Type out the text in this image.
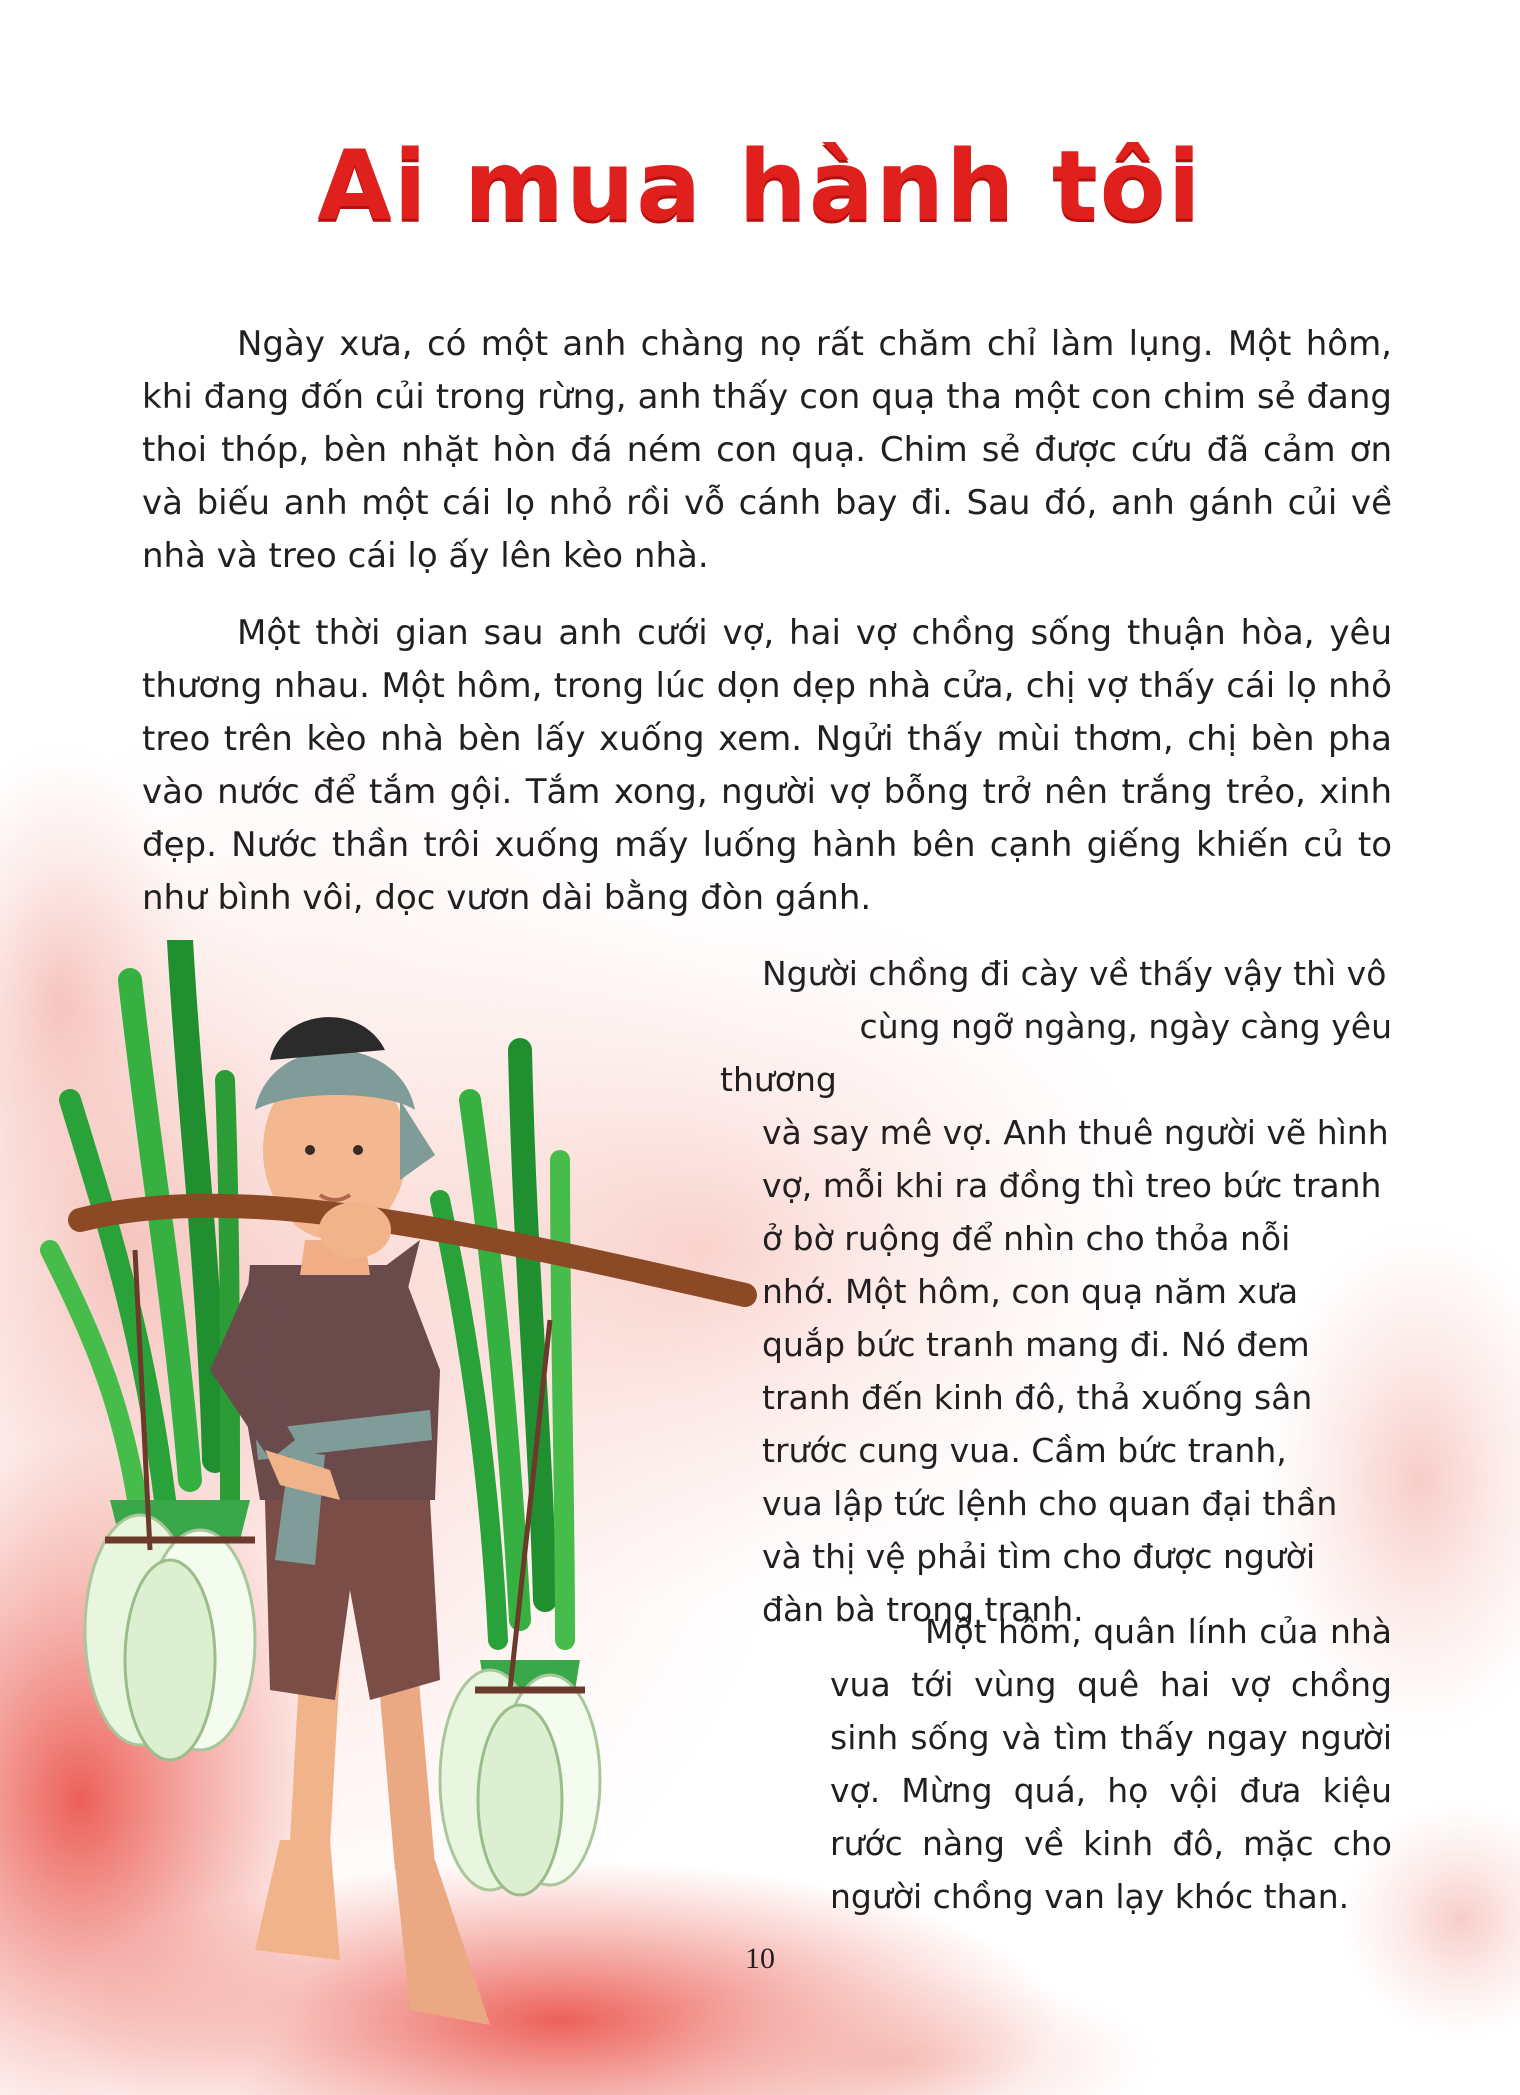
Ai mua hành tôi

Ngày xưa, có một anh chàng nọ rất chăm chỉ làm lụng. Một hôm, khi đang đốn củi trong rừng, anh thấy con quạ tha một con chim sẻ đang thoi thóp, bèn nhặt hòn đá ném con quạ. Chim sẻ được cứu đã cảm ơn và biếu anh một cái lọ nhỏ rồi vỗ cánh bay đi. Sau đó, anh gánh củi về nhà và treo cái lọ ấy lên kèo nhà.

Một thời gian sau anh cưới vợ, hai vợ chồng sống thuận hòa, yêu thương nhau. Một hôm, trong lúc dọn dẹp nhà cửa, chị vợ thấy cái lọ nhỏ treo trên kèo nhà bèn lấy xuống xem. Ngửi thấy mùi thơm, chị bèn pha vào nước để tắm gội. Tắm xong, người vợ bỗng trở nên trắng trẻo, xinh đẹp. Nước thần trôi xuống mấy luống hành bên cạnh giếng khiến củ to như bình vôi, dọc vươn dài bằng đòn gánh.

Người chồng đi cày về thấy vậy thì vô
cùng ngỡ ngàng, ngày càng yêu thương
và say mê vợ. Anh thuê người vẽ hình
vợ, mỗi khi ra đồng thì treo bức tranh
ở bờ ruộng để nhìn cho thỏa nỗi
nhớ. Một hôm, con quạ năm xưa
quắp bức tranh mang đi. Nó đem
tranh đến kinh đô, thả xuống sân
trước cung vua. Cầm bức tranh,
vua lập tức lệnh cho quan đại thần
và thị vệ phải tìm cho được người
đàn bà trong tranh.

Một hôm, quân lính của nhà vua tới vùng quê hai vợ chồng sinh sống và tìm thấy ngay người vợ. Mừng quá, họ vội đưa kiệu rước nàng về kinh đô, mặc cho người chồng van lạy khóc than.

10
